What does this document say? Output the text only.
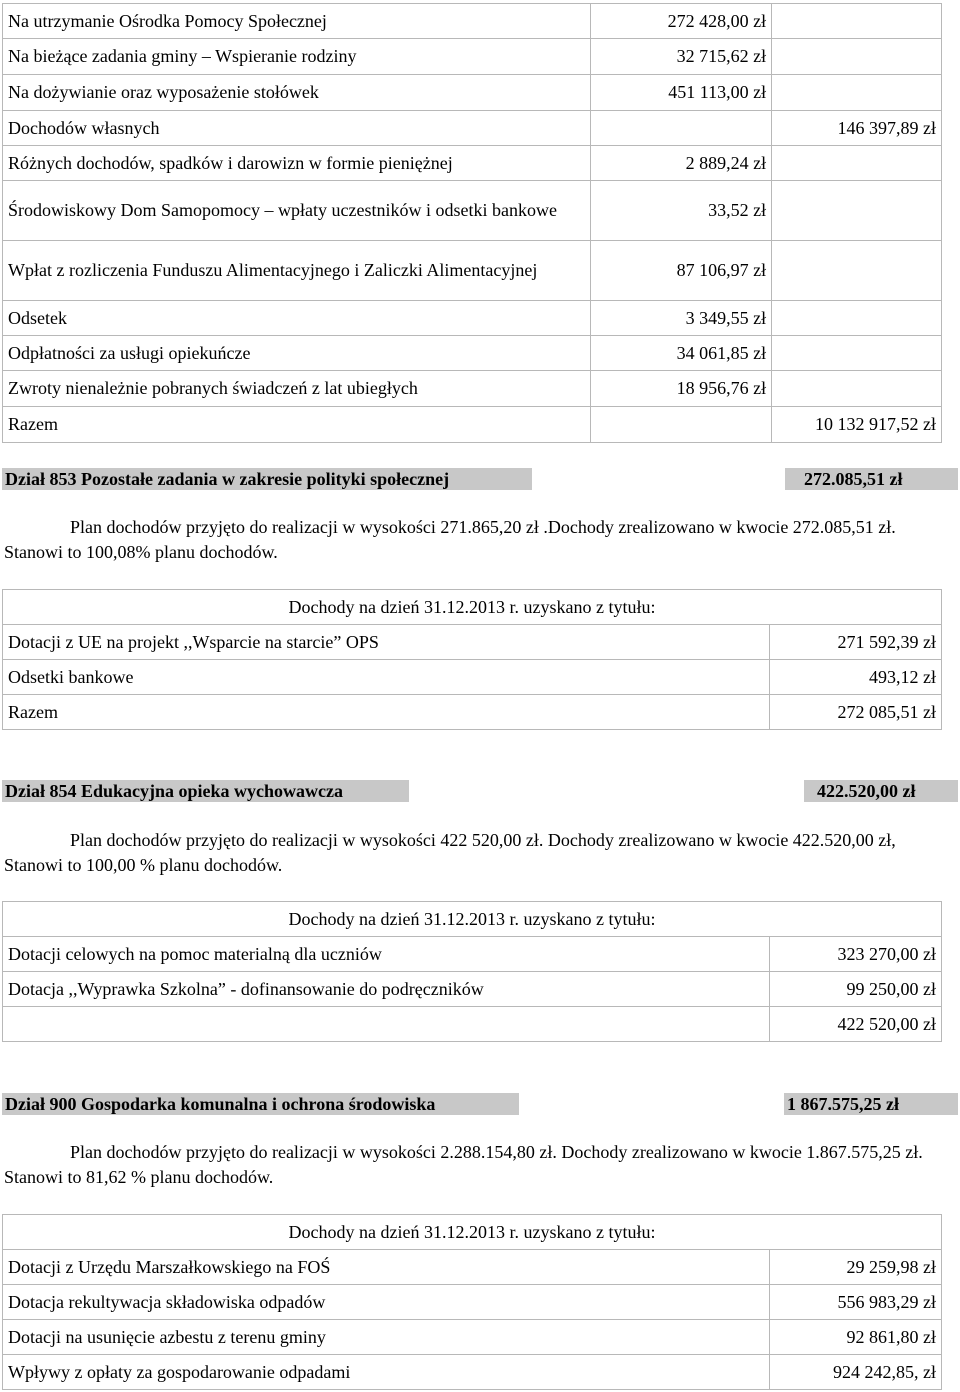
Na utrzymanie Ośrodka Pomocy Społecznej	272 428,00 zł	
Na bieżące zadania gminy – Wspieranie rodziny	32 715,62 zł	
Na dożywianie oraz wyposażenie stołówek	451 113,00 zł	
Dochodów własnych		146 397,89 zł
Różnych dochodów, spadków i darowizn w formie pieniężnej	2 889,24 zł	
Środowiskowy Dom Samopomocy – wpłaty uczestników i odsetki bankowe	33,52 zł	
Wpłat z rozliczenia Funduszu Alimentacyjnego i Zaliczki Alimentacyjnej	87 106,97 zł	
Odsetek	3 349,55 zł	
Odpłatności za usługi opiekuńcze	34 061,85 zł	
Zwroty nienależnie pobranych świadczeń z lat ubiegłych	18 956,76 zł	
Razem		10 132 917,52 zł
Dział 853 Pozostałe zadania w zakresie polityki społecznej	272.085,51 zł

Plan dochodów przyjęto do realizacji w wysokości 271.865,20 zł .Dochody zrealizowano w kwocie 272.085,51 zł. Stanowi to 100,08% planu dochodów.

Dochody na dzień 31.12.2013 r. uzyskano z tytułu:	
Dotacji z UE na projekt ,,Wsparcie na starcie” OPS	271 592,39 zł
Odsetki bankowe	493,12 zł
Razem	272 085,51 zł
Dział 854 Edukacyjna opieka wychowawcza	422.520,00 zł

Plan dochodów przyjęto do realizacji w wysokości 422 520,00 zł. Dochody zrealizowano w kwocie 422.520,00 zł, Stanowi to 100,00 % planu dochodów.

Dochody na dzień 31.12.2013 r. uzyskano z tytułu:	
Dotacji celowych na pomoc materialną dla uczniów	323 270,00 zł
Dotacja ,,Wyprawka Szkolna” - dofinansowanie do podręczników	99 250,00 zł
	422 520,00 zł
Dział 900 Gospodarka komunalna i ochrona środowiska	1 867.575,25 zł

Plan dochodów przyjęto do realizacji w wysokości 2.288.154,80 zł. Dochody zrealizowano w kwocie 1.867.575,25 zł. Stanowi to 81,62 % planu dochodów.

Dochody na dzień 31.12.2013 r. uzyskano z tytułu:	
Dotacji z Urzędu Marszałkowskiego na FOŚ	29 259,98 zł
Dotacja rekultywacja składowiska odpadów	556 983,29 zł
Dotacji na usunięcie azbestu z terenu gminy	92 861,80 zł
Wpływy z opłaty za gospodarowanie odpadami	924 242,85, zł
